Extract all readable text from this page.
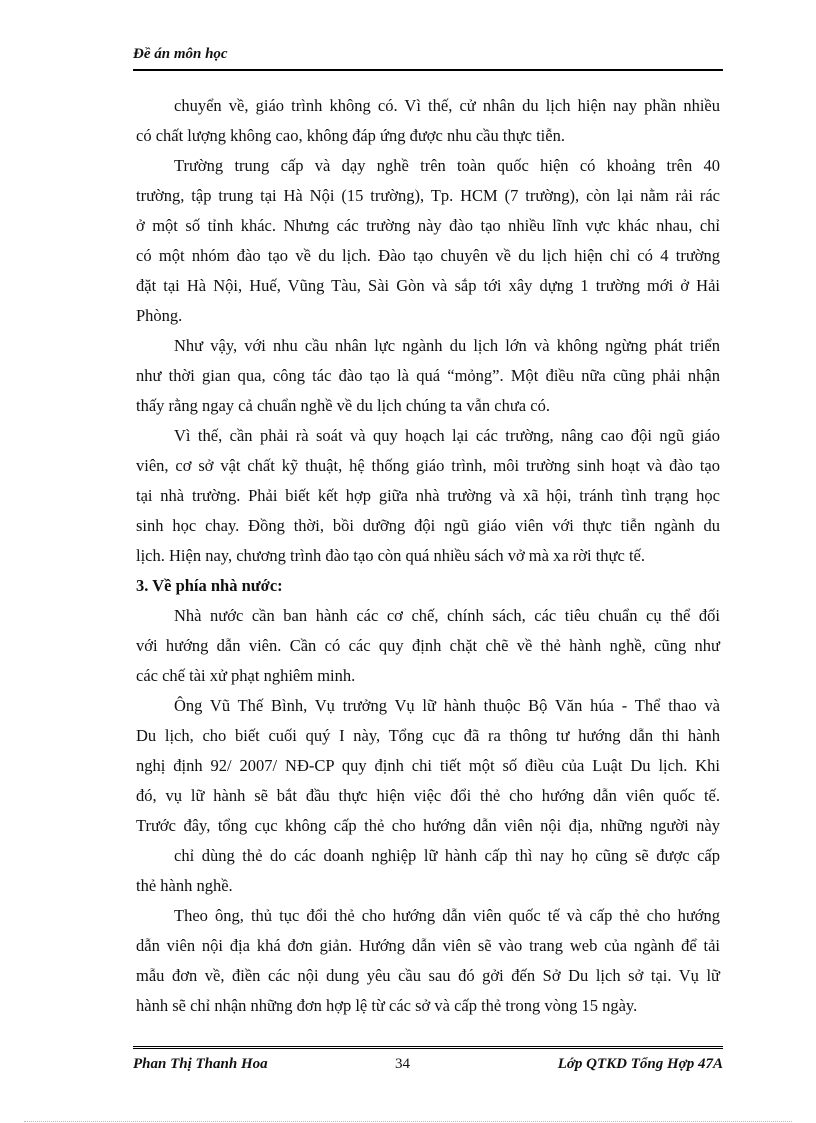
Đề án môn học
chuyển về, giáo trình không có. Vì thế, cử nhân du lịch hiện nay phần nhiều
có chất lượng không cao, không đáp ứng được nhu cầu thực tiễn.
Trường trung cấp và dạy nghề trên toàn quốc hiện có khoảng trên 40
trường, tập trung tại Hà Nội (15 trường), Tp. HCM (7 trường), còn lại nằm rải rác
ở một số tỉnh khác. Nhưng các trường này đào tạo nhiều lĩnh vực khác nhau, chỉ
có một nhóm đào tạo về du lịch. Đào tạo chuyên về du lịch hiện chỉ có 4 trường
đặt tại Hà Nội, Huế, Vũng Tàu, Sài Gòn và sắp tới xây dựng 1 trường mới ở Hải
Phòng.
Như vậy, với nhu cầu nhân lực ngành du lịch lớn và không ngừng phát triển
như thời gian qua, công tác đào tạo là quá “mỏng”. Một điều nữa cũng phải nhận
thấy rằng ngay cả chuẩn nghề về du lịch chúng ta vẫn chưa có.
Vì thế, cần phải rà soát và quy hoạch lại các trường, nâng cao đội ngũ giáo
viên, cơ sở vật chất kỹ thuật, hệ thống giáo trình, môi trường sinh hoạt và đào tạo
tại nhà trường. Phải biết kết hợp giữa nhà trường và xã hội, tránh tình trạng học
sinh học chay. Đồng thời, bồi dưỡng đội ngũ giáo viên với thực tiễn ngành du
lịch. Hiện nay, chương trình đào tạo còn quá nhiều sách vở mà xa rời thực tế.
3. Về phía nhà nước:
Nhà nước cần ban hành các cơ chế, chính sách, các tiêu chuẩn cụ thể đối
với hướng dẫn viên. Cần có các quy định chặt chẽ về thẻ hành nghề, cũng như
các chế tài xử phạt nghiêm minh.
Ông Vũ Thế Bình, Vụ trưởng Vụ lữ hành thuộc Bộ Văn húa - Thể thao và
Du lịch, cho biết cuối quý I này, Tổng cục đã ra thông tư hướng dẫn thi hành
nghị định 92/ 2007/ NĐ-CP quy định chi tiết một số điều của Luật Du lịch. Khi
đó, vụ lữ hành sẽ bắt đầu thực hiện việc đổi thẻ cho hướng dẫn viên quốc tế.
Trước đây, tổng cục không cấp thẻ cho hướng dẫn viên nội địa, những người này
chỉ dùng thẻ do các doanh nghiệp lữ hành cấp thì nay họ cũng sẽ được cấp
thẻ hành nghề.
Theo ông, thủ tục đổi thẻ cho hướng dẫn viên quốc tế và cấp thẻ cho hướng
dẫn viên nội địa khá đơn giản. Hướng dẫn viên sẽ vào trang web của ngành để tải
mẫu đơn về, điền các nội dung yêu cầu sau đó gởi đến Sở Du lịch sở tại. Vụ lữ
hành sẽ chỉ nhận những đơn hợp lệ từ các sở và cấp thẻ trong vòng 15 ngày.
Phan Thị Thanh Hoa	34	Lớp QTKD Tổng Hợp 47A
